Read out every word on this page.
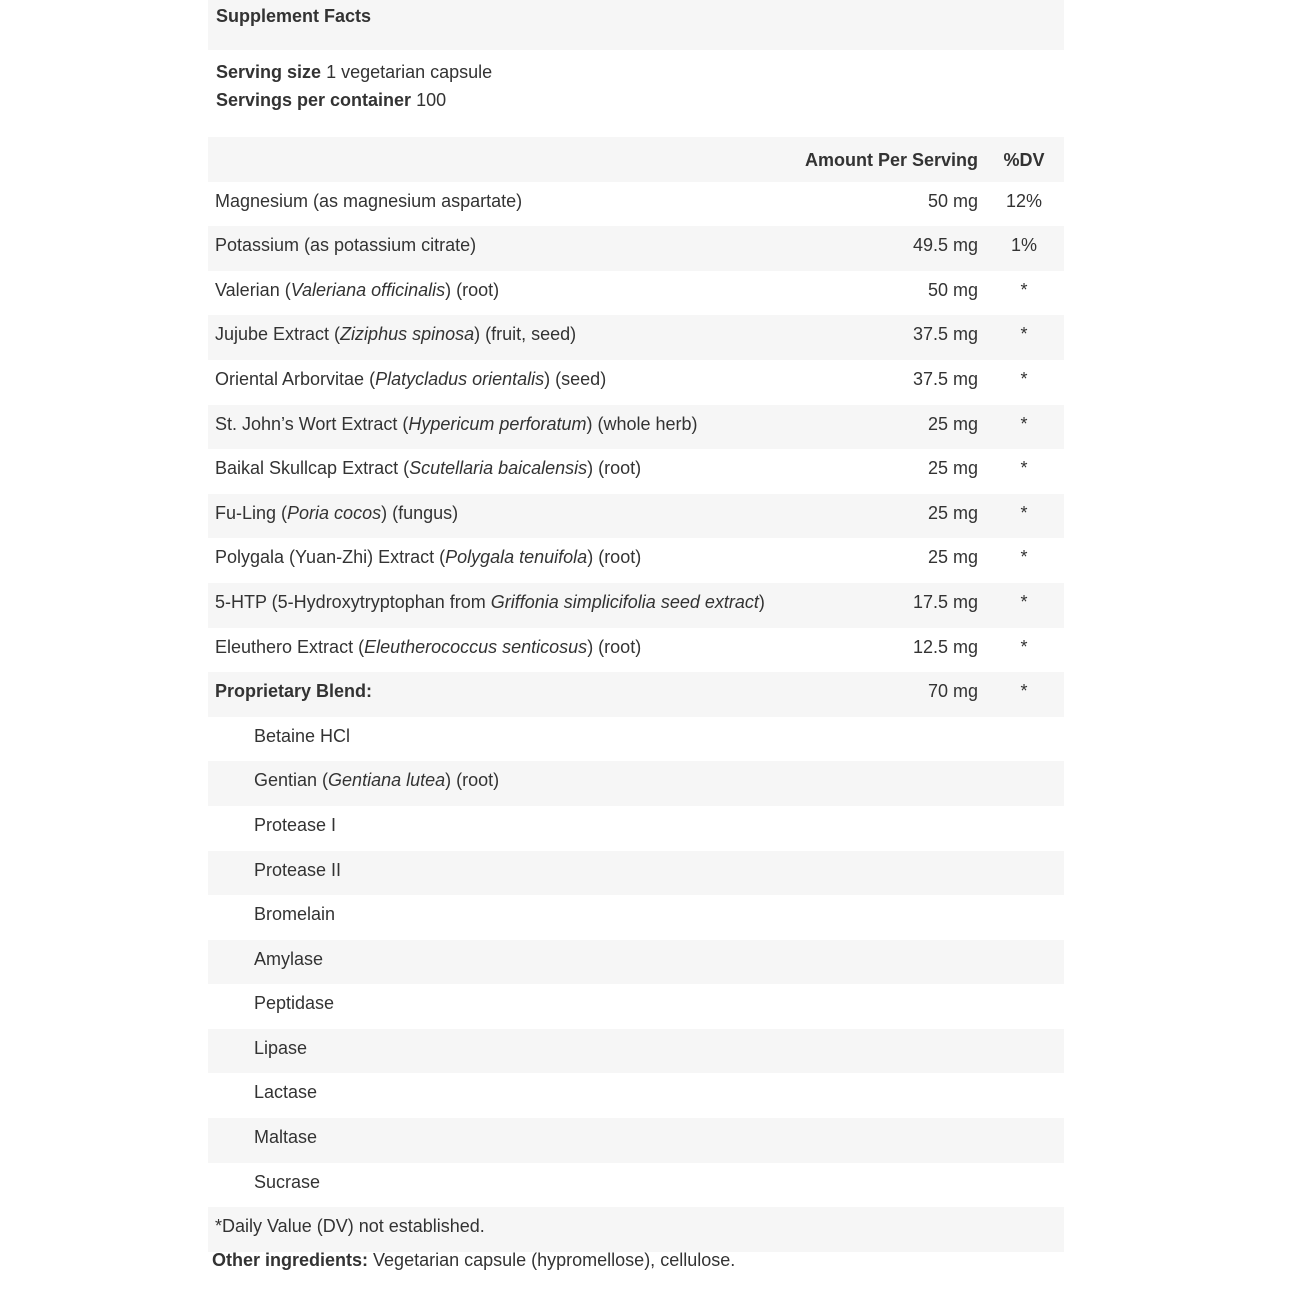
Supplement Facts
Serving size 1 vegetarian capsule
Servings per container 100
Amount Per Serving	%DV
Magnesium (as magnesium aspartate)	50 mg	12%
Potassium (as potassium citrate)	49.5 mg	1%
Valerian (Valeriana officinalis) (root)	50 mg	*
Jujube Extract (Ziziphus spinosa) (fruit, seed)	37.5 mg	*
Oriental Arborvitae (Platycladus orientalis) (seed)	37.5 mg	*
St. John’s Wort Extract (Hypericum perforatum) (whole herb)	25 mg	*
Baikal Skullcap Extract (Scutellaria baicalensis) (root)	25 mg	*
Fu-Ling (Poria cocos) (fungus)	25 mg	*
Polygala (Yuan-Zhi) Extract (Polygala tenuifola) (root)	25 mg	*
5-HTP (5-Hydroxytryptophan from Griffonia simplicifolia seed extract)	17.5 mg	*
Eleuthero Extract (Eleutherococcus senticosus) (root)	12.5 mg	*
Proprietary Blend:	70 mg	*
Betaine HCl
Gentian (Gentiana lutea) (root)
Protease I
Protease II
Bromelain
Amylase
Peptidase
Lipase
Lactase
Maltase
Sucrase
*Daily Value (DV) not established.
Other ingredients: Vegetarian capsule (hypromellose), cellulose.
